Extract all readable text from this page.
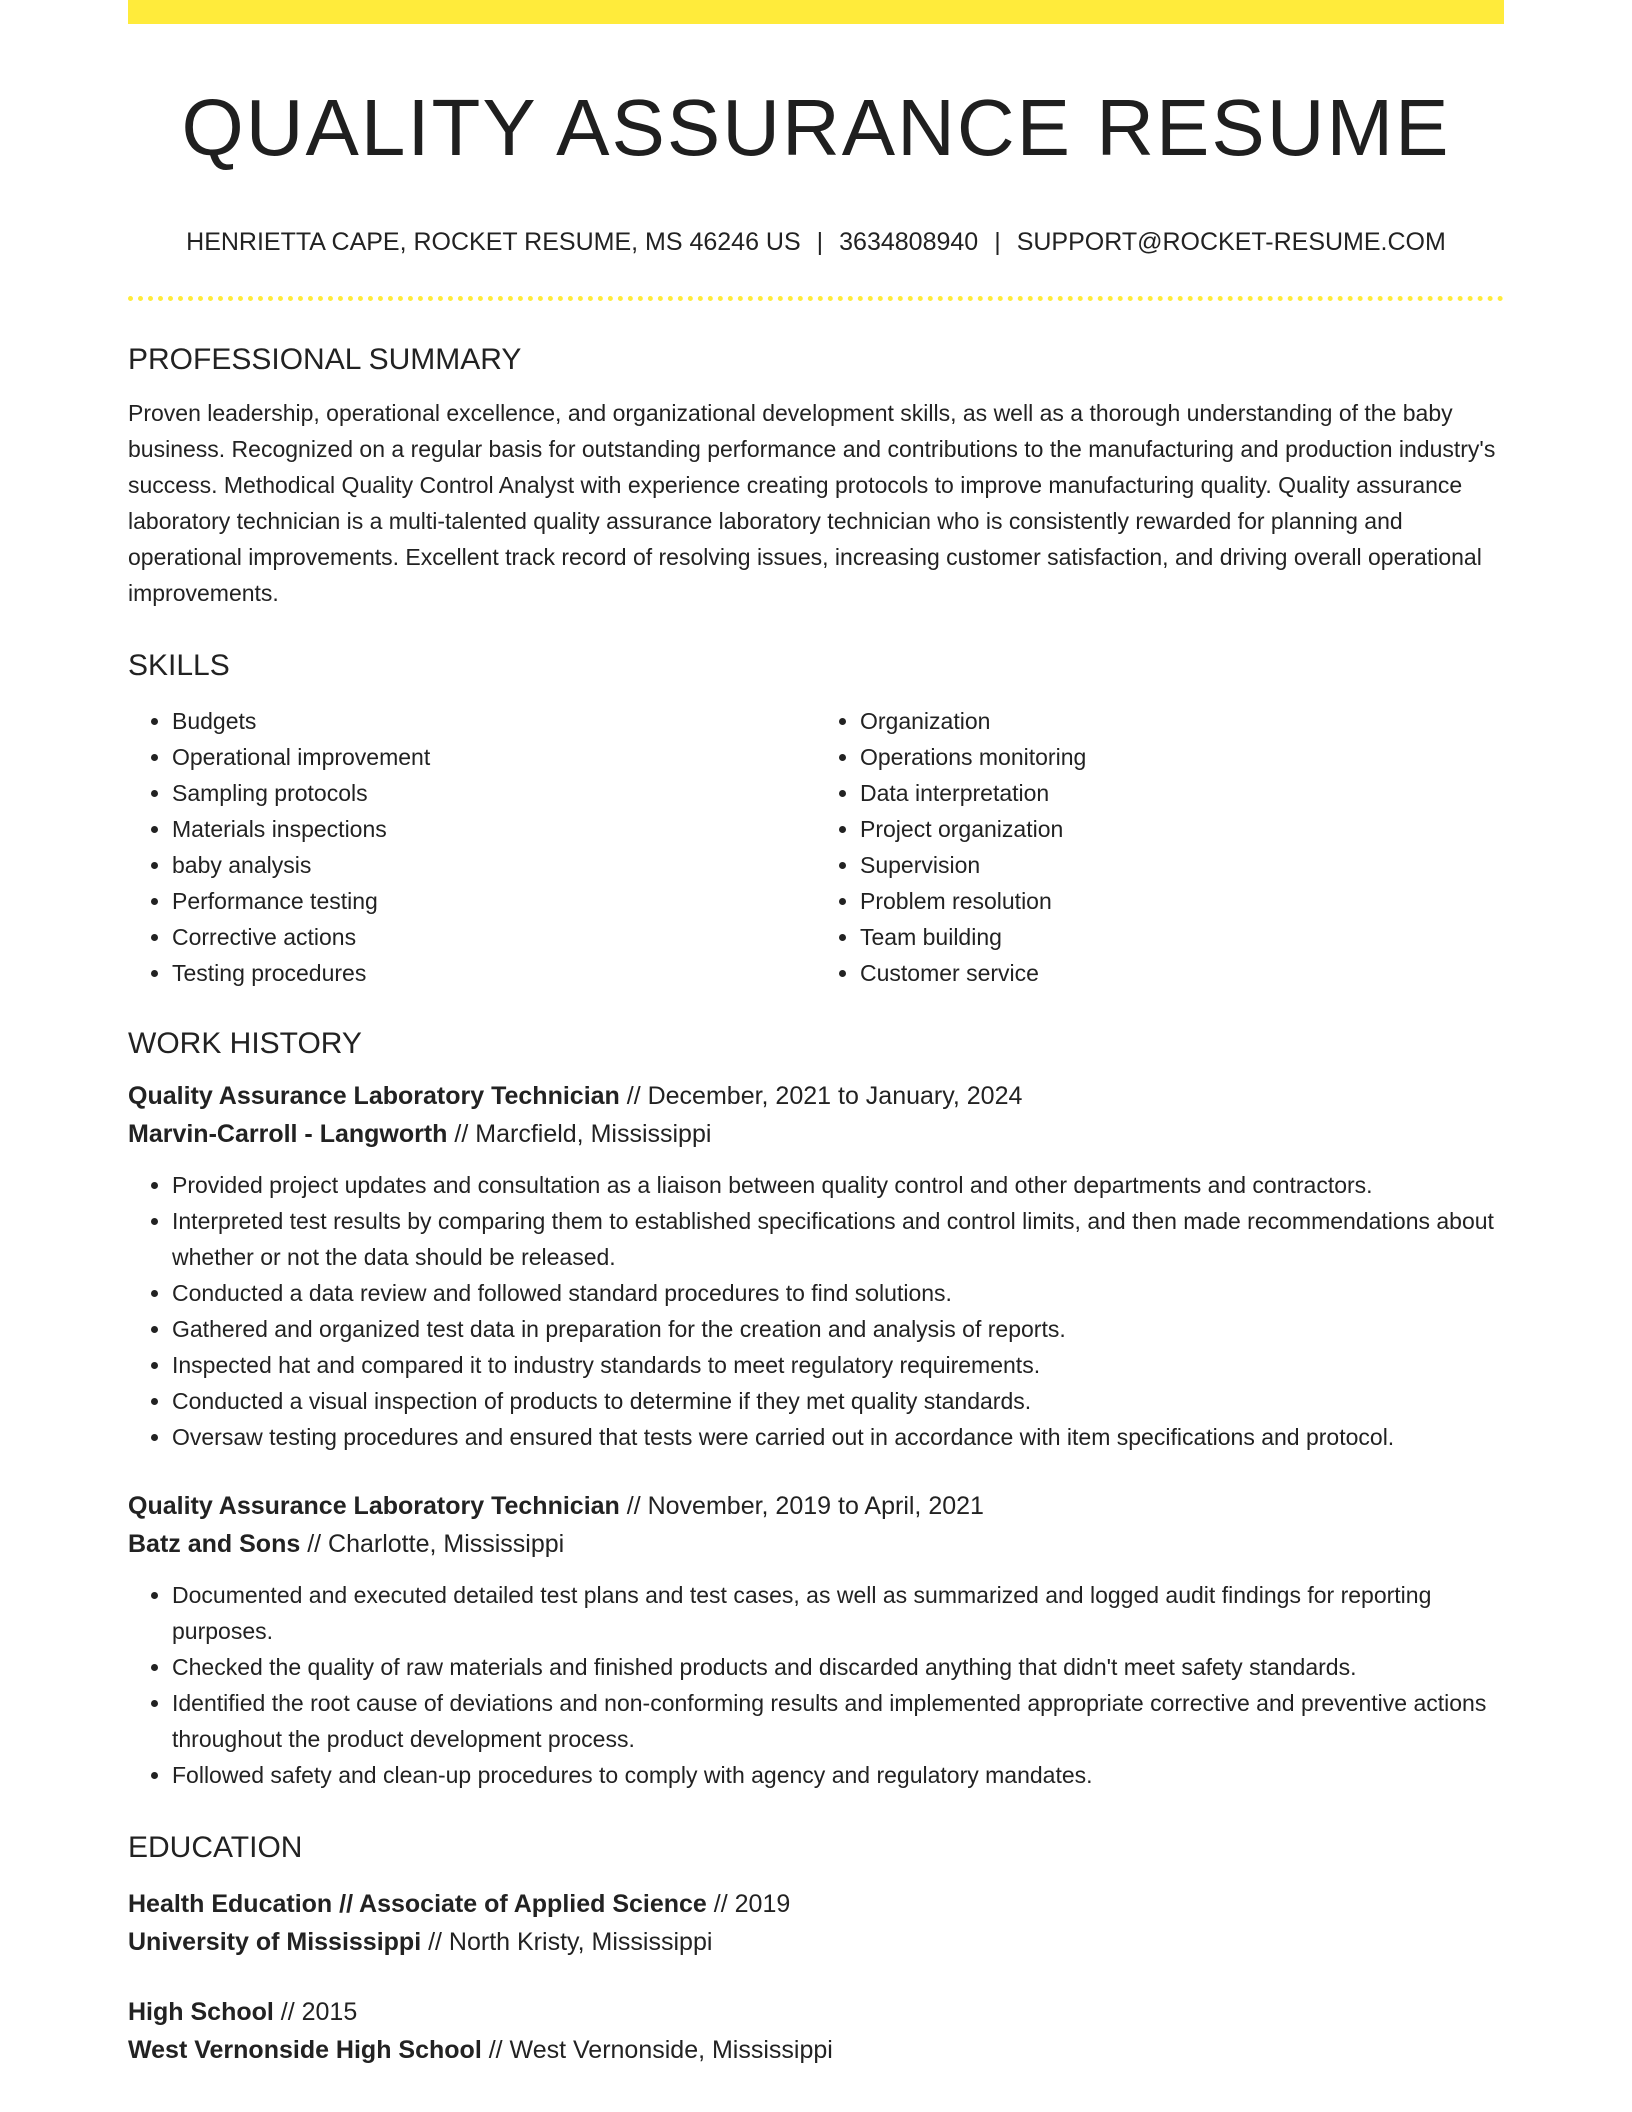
QUALITY ASSURANCE RESUME
HENRIETTA CAPE, ROCKET RESUME, MS 46246 US | 3634808940 | SUPPORT@ROCKET-RESUME.COM
PROFESSIONAL SUMMARY

Proven leadership, operational excellence, and organizational development skills, as well as a thorough understanding of the baby business. Recognized on a regular basis for outstanding performance and contributions to the manufacturing and production industry's success. Methodical Quality Control Analyst with experience creating protocols to improve manufacturing quality. Quality assurance laboratory technician is a multi-talented quality assurance laboratory technician who is consistently rewarded for planning and operational improvements. Excellent track record of resolving issues, increasing customer satisfaction, and driving overall operational improvements.

SKILLS
• Budgets
• Operational improvement
• Sampling protocols
• Materials inspections
• baby analysis
• Performance testing
• Corrective actions
• Testing procedures
• Organization
• Operations monitoring
• Data interpretation
• Project organization
• Supervision
• Problem resolution
• Team building
• Customer service
WORK HISTORY
Quality Assurance Laboratory Technician // December, 2021 to January, 2024
Marvin-Carroll - Langworth // Marcfield, Mississippi
• Provided project updates and consultation as a liaison between quality control and other departments and contractors.
• Interpreted test results by comparing them to established specifications and control limits, and then made recommendations about whether or not the data should be released.
• Conducted a data review and followed standard procedures to find solutions.
• Gathered and organized test data in preparation for the creation and analysis of reports.
• Inspected hat and compared it to industry standards to meet regulatory requirements.
• Conducted a visual inspection of products to determine if they met quality standards.
• Oversaw testing procedures and ensured that tests were carried out in accordance with item specifications and protocol.
Quality Assurance Laboratory Technician // November, 2019 to April, 2021
Batz and Sons // Charlotte, Mississippi
• Documented and executed detailed test plans and test cases, as well as summarized and logged audit findings for reporting purposes.
• Checked the quality of raw materials and finished products and discarded anything that didn't meet safety standards.
• Identified the root cause of deviations and non-conforming results and implemented appropriate corrective and preventive actions throughout the product development process.
• Followed safety and clean-up procedures to comply with agency and regulatory mandates.
EDUCATION
Health Education // Associate of Applied Science // 2019
University of Mississippi // North Kristy, Mississippi
High School // 2015
West Vernonside High School // West Vernonside, Mississippi
